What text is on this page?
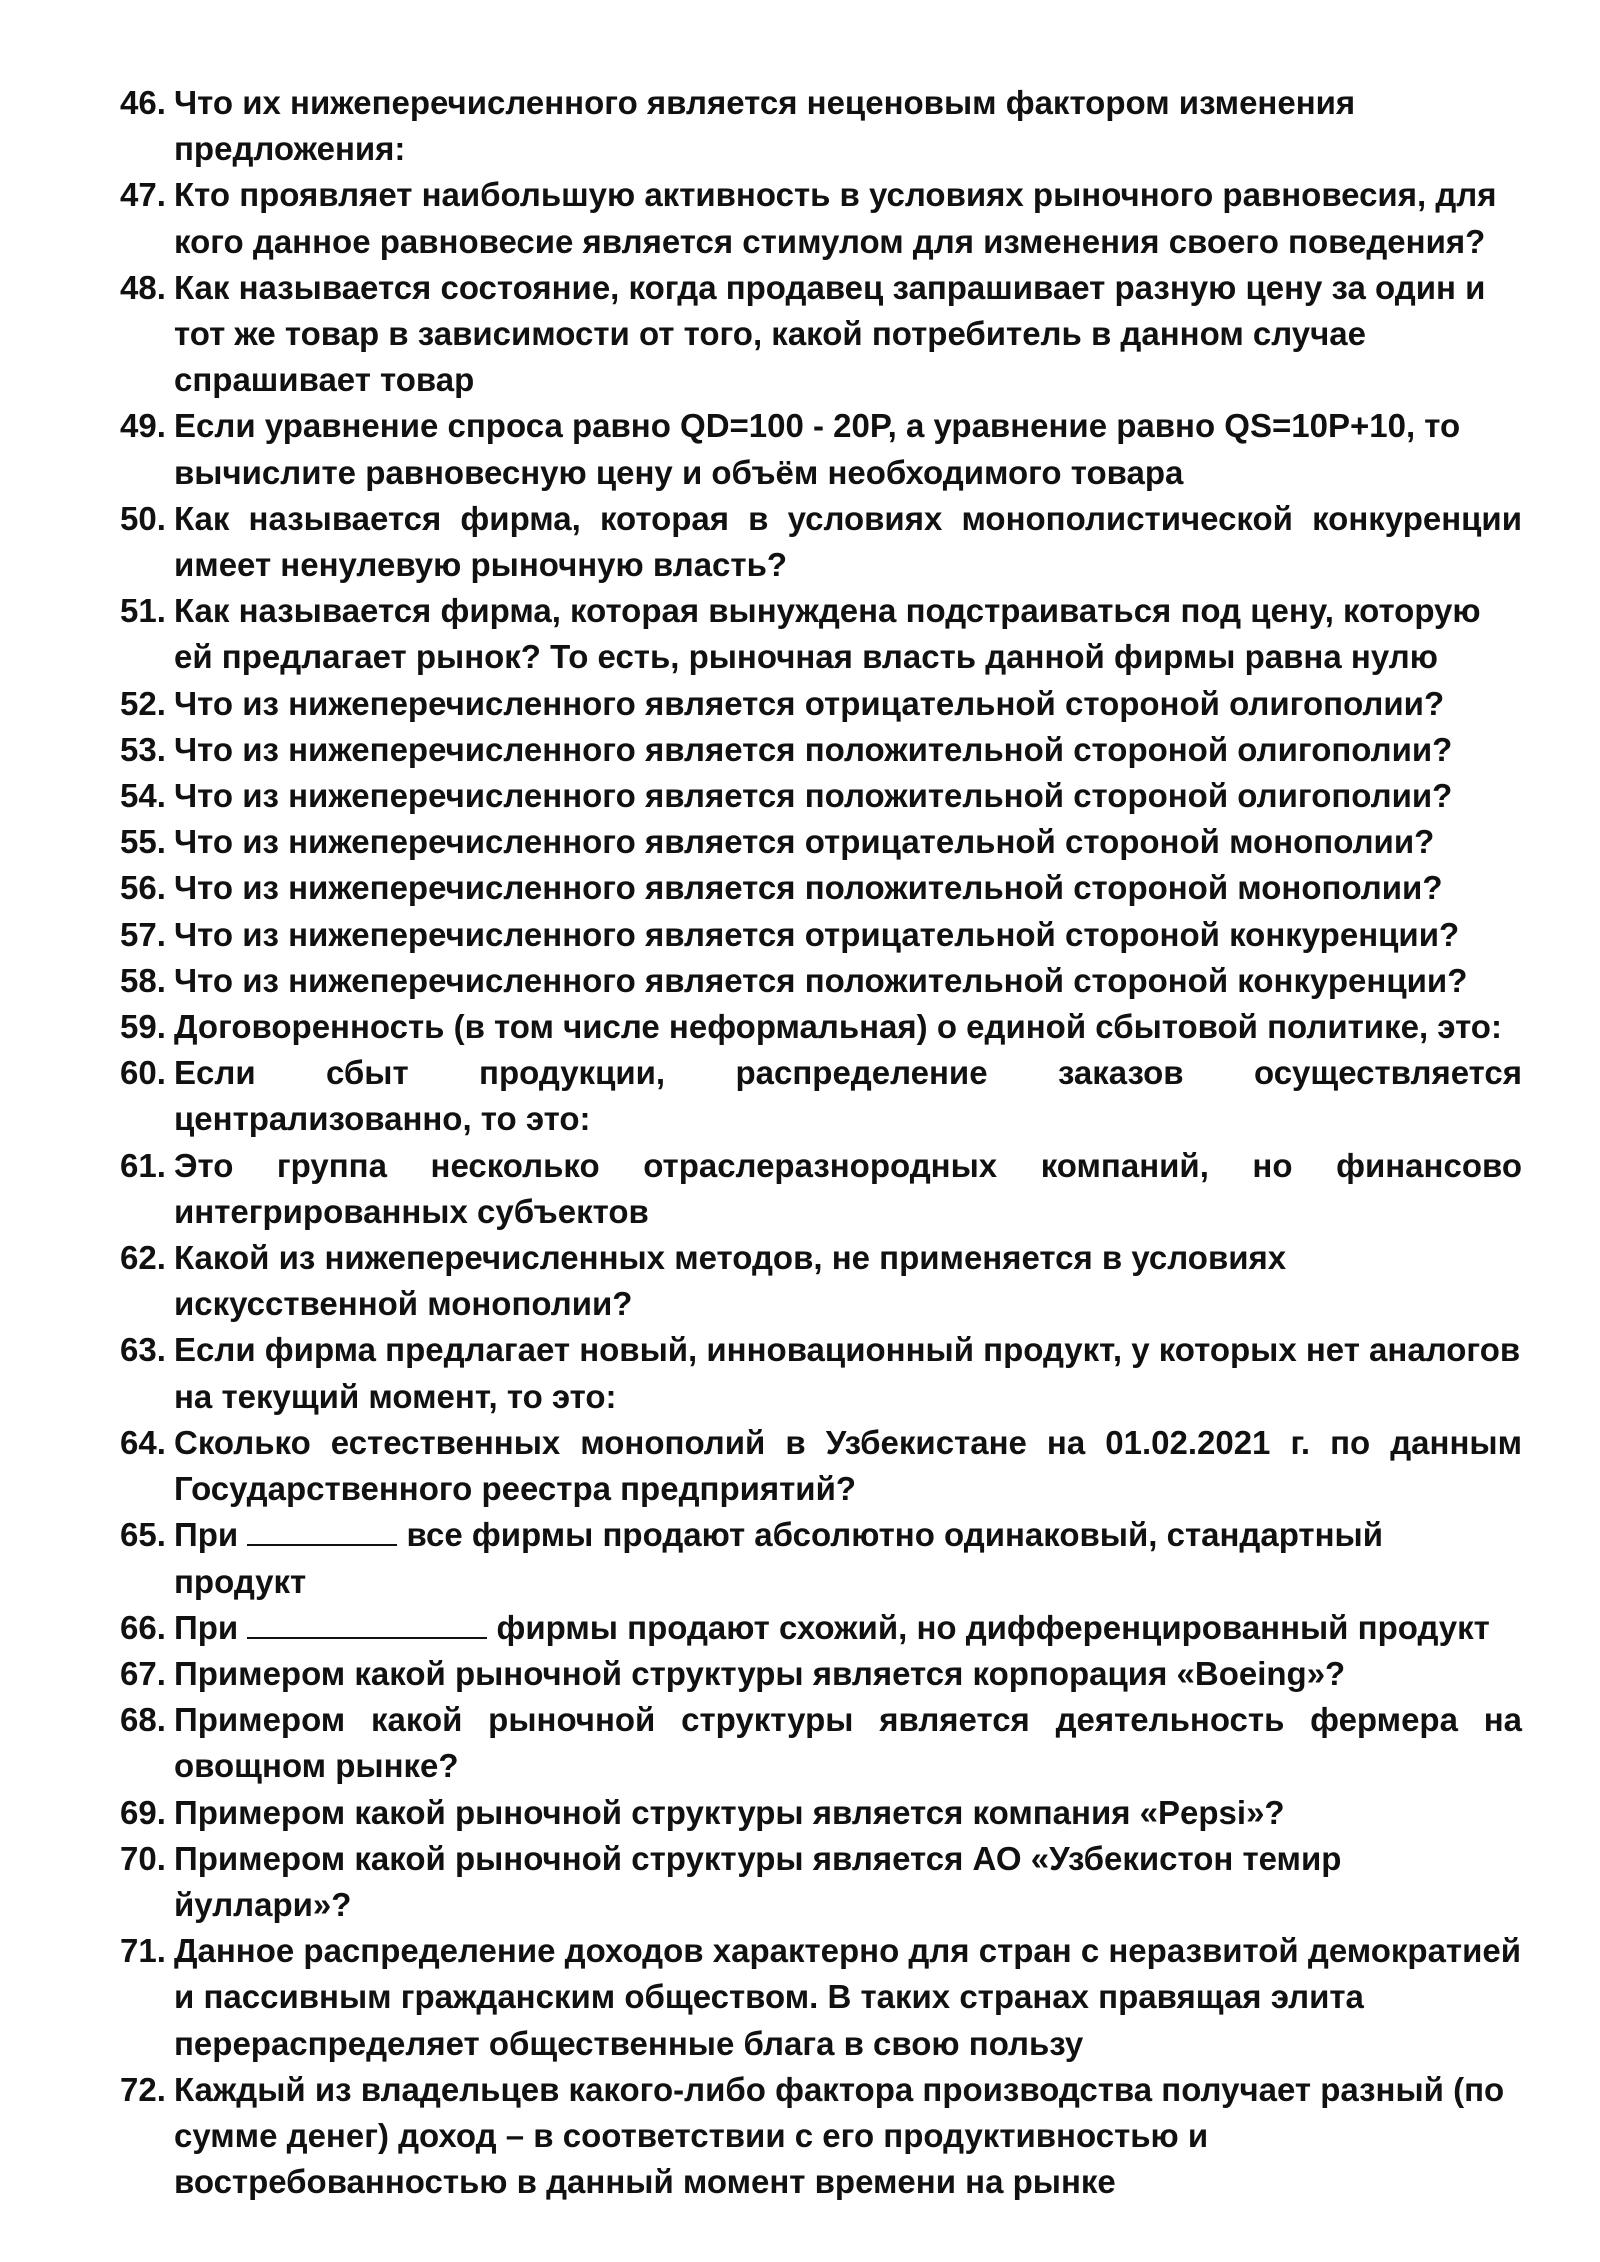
46. Что их нижеперечисленного является неценовым фактором изменения предложения:
47. Кто проявляет наибольшую активность в условиях рыночного равновесия, для кого данное равновесие является стимулом для изменения своего поведения?
48. Как называется состояние, когда продавец запрашивает разную цену за один и тот же товар в зависимости от того, какой потребитель в данном случае спрашивает товар
49. Если уравнение спроса равно QD=100 - 20P, а уравнение равно QS=10P+10, то вычислите равновесную цену и объём необходимого товара
50. Как называется фирма, которая в условиях монополистической конкуренции имеет ненулевую рыночную власть?
51. Как называется фирма, которая вынуждена подстраиваться под цену, которую ей предлагает рынок? То есть, рыночная власть данной фирмы равна нулю
52. Что из нижеперечисленного является отрицательной стороной олигополии?
53. Что из нижеперечисленного является положительной стороной олигополии?
54. Что из нижеперечисленного является положительной стороной олигополии?
55. Что из нижеперечисленного является отрицательной стороной монополии?
56. Что из нижеперечисленного является положительной стороной монополии?
57. Что из нижеперечисленного является отрицательной стороной конкуренции?
58. Что из нижеперечисленного является положительной стороной конкуренции?
59. Договоренность (в том числе неформальная) о единой сбытовой политике, это:
60. Если сбыт продукции, распределение заказов осуществляется централизованно, то это:
61. Это группа несколько отраслеразнородных компаний, но финансово интегрированных субъектов
62. Какой из нижеперечисленных методов, не применяется в условиях искусственной монополии?
63. Если фирма предлагает новый, инновационный продукт, у которых нет аналогов на текущий момент, то это:
64. Сколько естественных монополий в Узбекистане на 01.02.2021 г. по данным Государственного реестра предприятий?
65. При	все фирмы продают абсолютно одинаковый, стандартный продукт
66. При	фирмы продают схожий, но дифференцированный продукт
67. Примером какой рыночной структуры является корпорация «Boeing»?
68. Примером какой рыночной структуры является деятельность фермера на овощном рынке?
69. Примером какой рыночной структуры является компания «Pepsi»?
70. Примером какой рыночной структуры является АО «Узбекистон темир йуллари»?
71. Данное распределение доходов характерно для стран с неразвитой демократией и пассивным гражданским обществом. В таких странах правящая элита перераспределяет общественные блага в свою пользу
72. Каждый из владельцев какого-либо фактора производства получает разный (по сумме денег) доход – в соответствии с его продуктивностью и востребованностью в данный момент времени на рынке
